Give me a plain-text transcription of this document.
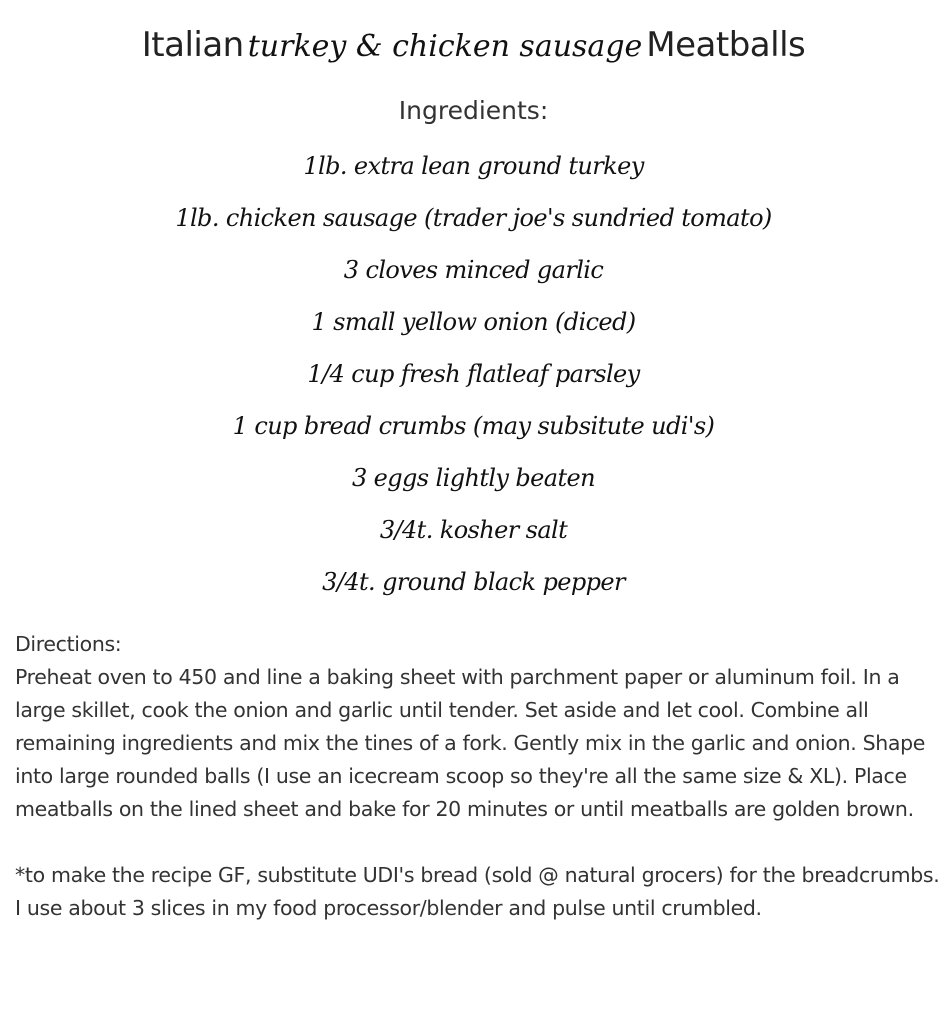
Italian turkey & chicken sausage Meatballs
Ingredients:
1lb. extra lean ground turkey
1lb. chicken sausage (trader joe's sundried tomato)
3 cloves minced garlic
1 small yellow onion (diced)
1/4 cup fresh flatleaf parsley
1 cup bread crumbs (may subsitute udi's)
3 eggs lightly beaten
3/4t. kosher salt
3/4t. ground black pepper

Directions:

Preheat oven to 450 and line a baking sheet with parchment paper or aluminum foil. In a large skillet, cook the onion and garlic until tender. Set aside and let cool. Combine all remaining ingredients and mix the tines of a fork. Gently mix in the garlic and onion. Shape into large rounded balls (I use an icecream scoop so they're all the same size & XL). Place meatballs on the lined sheet and bake for 20 minutes or until meatballs are golden brown.

*to make the recipe GF, substitute UDI's bread (sold @ natural grocers) for the breadcrumbs. I use about 3 slices in my food processor/blender and pulse until crumbled.
